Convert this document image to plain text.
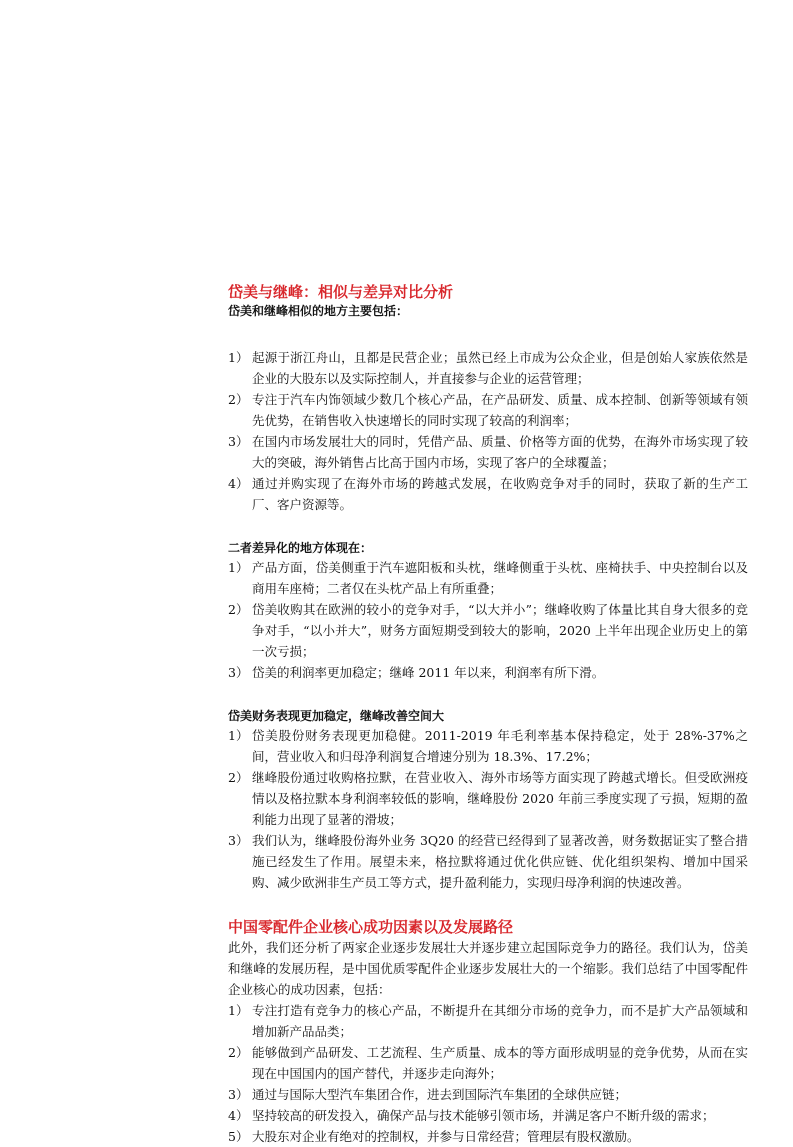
岱美与继峰：相似与差异对比分析
岱美和继峰相似的地方主要包括：
1） 起源于浙江舟山，且都是民营企业；虽然已经上市成为公众企业，但是创始人家族依然是企业的大股东以及实际控制人，并直接参与企业的运营管理；
2） 专注于汽车内饰领域少数几个核心产品，在产品研发、质量、成本控制、创新等领域有领先优势，在销售收入快速增长的同时实现了较高的利润率；
3） 在国内市场发展壮大的同时，凭借产品、质量、价格等方面的优势，在海外市场实现了较大的突破，海外销售占比高于国内市场，实现了客户的全球覆盖；
4） 通过并购实现了在海外市场的跨越式发展，在收购竞争对手的同时，获取了新的生产工厂、客户资源等。
二者差异化的地方体现在：
1） 产品方面，岱美侧重于汽车遮阳板和头枕，继峰侧重于头枕、座椅扶手、中央控制台以及商用车座椅；二者仅在头枕产品上有所重叠；
2） 岱美收购其在欧洲的较小的竞争对手，“以大并小”；继峰收购了体量比其自身大很多的竞争对手，“以小并大”，财务方面短期受到较大的影响，2020 上半年出现企业历史上的第一次亏损；
3） 岱美的利润率更加稳定；继峰 2011 年以来，利润率有所下滑。
岱美财务表现更加稳定，继峰改善空间大
1） 岱美股份财务表现更加稳健。2011-2019 年毛利率基本保持稳定，处于 28%-37%之间，营业收入和归母净利润复合增速分别为 18.3%、17.2%；
2） 继峰股份通过收购格拉默，在营业收入、海外市场等方面实现了跨越式增长。但受欧洲疫情以及格拉默本身利润率较低的影响，继峰股份 2020 年前三季度实现了亏损，短期的盈利能力出现了显著的滑坡；
3） 我们认为，继峰股份海外业务 3Q20 的经营已经得到了显著改善，财务数据证实了整合措施已经发生了作用。展望未来，格拉默将通过优化供应链、优化组织架构、增加中国采购、减少欧洲非生产员工等方式，提升盈利能力，实现归母净利润的快速改善。
中国零配件企业核心成功因素以及发展路径

此外，我们还分析了两家企业逐步发展壮大并逐步建立起国际竞争力的路径。我们认为，岱美和继峰的发展历程，是中国优质零配件企业逐步发展壮大的一个缩影。我们总结了中国零配件企业核心的成功因素，包括：

1） 专注打造有竞争力的核心产品，不断提升在其细分市场的竞争力，而不是扩大产品领域和增加新产品品类；
2） 能够做到产品研发、工艺流程、生产质量、成本的等方面形成明显的竞争优势，从而在实现在中国国内的国产替代，并逐步走向海外；
3） 通过与国际大型汽车集团合作，进去到国际汽车集团的全球供应链；
4） 坚持较高的研发投入，确保产品与技术能够引领市场，并满足客户不断升级的需求；
5） 大股东对企业有绝对的控制权，并参与日常经营；管理层有股权激励。
